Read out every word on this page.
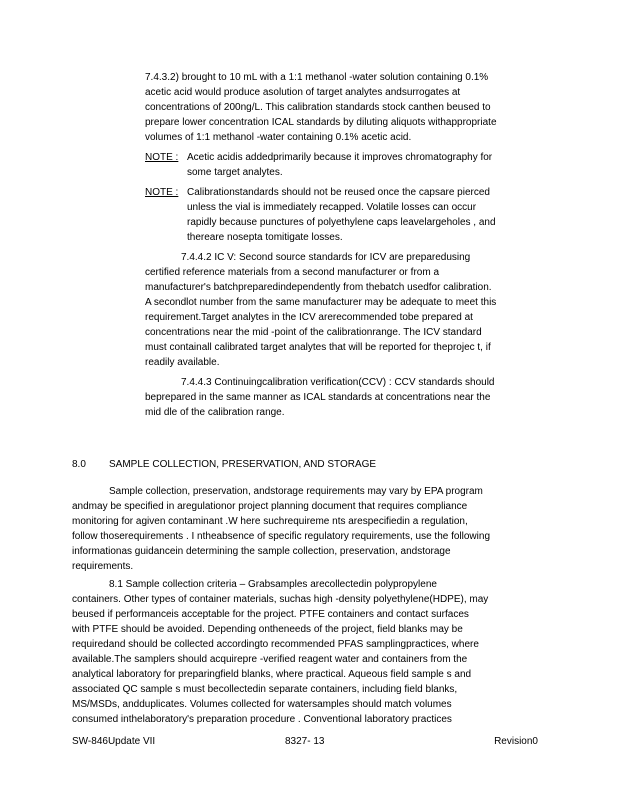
7.4.3.2) brought to 10 mL with a 1:1 methanol -water solution containing 0.1%
acetic acid would produce asolution of target analytes andsurrogates at
concentrations of 200ng/L. This calibration standards stock canthen beused to
prepare lower concentration ICAL standards by diluting aliquots withappropriate
volumes of 1:1 methanol -water containing 0.1% acetic acid.
NOTE : Acetic acidis addedprimarily because it improves chromatography for
some target analytes.
NOTE : Calibrationstandards should not be reused once the capsare pierced
unless the vial is immediately recapped. Volatile losses can occur
rapidly because punctures of polyethylene caps leavelargeholes , and
thereare nosepta tomitigate losses.
7.4.4.2 IC V: Second source standards for ICV are preparedusing
certified reference materials from a second manufacturer or from a
manufacturer's batchpreparedindependently from thebatch usedfor calibration.
A secondlot number from the same manufacturer may be adequate to meet this
requirement.Target analytes in the ICV arerecommended tobe prepared at
concentrations near the mid -point of the calibrationrange. The ICV standard
must containall calibrated target analytes that will be reported for theprojec t, if
readily available.
7.4.4.3 Continuingcalibration verification(CCV) : CCV standards should
beprepared in the same manner as ICAL standards at concentrations near the
mid dle of the calibration range.
8.0 SAMPLE COLLECTION, PRESERVATION, AND STORAGE
Sample collection, preservation, andstorage requirements may vary by EPA program
andmay be specified in aregulationor project planning document that requires compliance
monitoring for agiven contaminant .W here suchrequireme nts arespecifiedin a regulation,
follow thoserequirements . I ntheabsence of specific regulatory requirements, use the following
informationas guidancein determining the sample collection, preservation, andstorage
requirements.
8.1 Sample collection criteria – Grabsamples arecollectedin polypropylene
containers. Other types of container materials, suchas high -density polyethylene(HDPE), may
beused if performanceis acceptable for the project. PTFE containers and contact surfaces
with PTFE should be avoided. Depending ontheneeds of the project, field blanks may be
requiredand should be collected accordingto recommended PFAS samplingpractices, where
available.The samplers should acquirepre -verified reagent water and containers from the
analytical laboratory for preparingfield blanks, where practical. Aqueous field sample s and
associated QC sample s must becollectedin separate containers, including field blanks,
MS/MSDs, andduplicates. Volumes collected for watersamples should match volumes
consumed inthelaboratory's preparation procedure . Conventional laboratory practices
SW-846Update VII	8327- 13	Revision0
